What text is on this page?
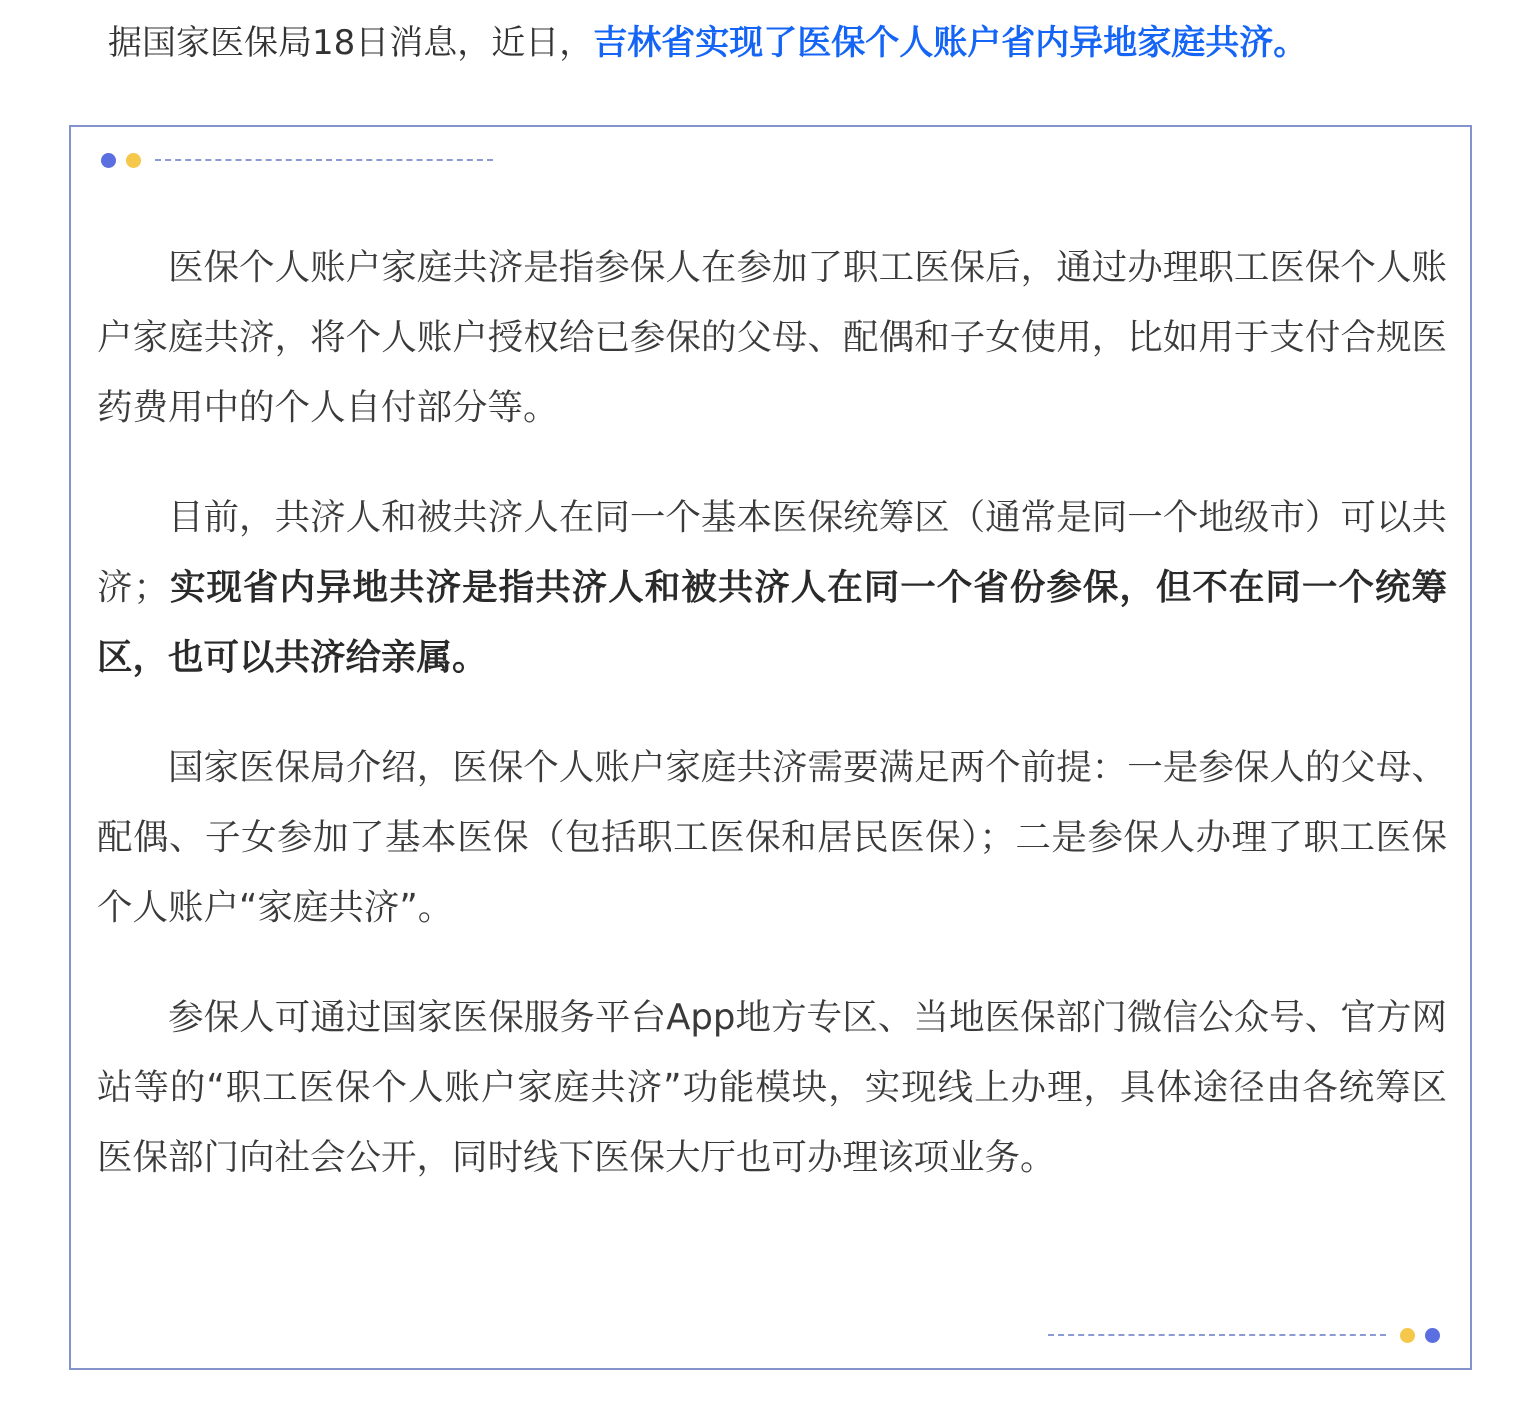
据国家医保局18日消息，近日，吉林省实现了医保个人账户省内异地家庭共济。

医保个人账户家庭共济是指参保人在参加了职工医保后，通过办理职工医保个人账户家庭共济，将个人账户授权给已参保的父母、配偶和子女使用，比如用于支付合规医药费用中的个人自付部分等。

目前，共济人和被共济人在同一个基本医保统筹区（通常是同一个地级市）可以共济；实现省内异地共济是指共济人和被共济人在同一个省份参保，但不在同一个统筹区，也可以共济给亲属。

国家医保局介绍，医保个人账户家庭共济需要满足两个前提：一是参保人的父母、配偶、子女参加了基本医保（包括职工医保和居民医保）；二是参保人办理了职工医保个人账户“家庭共济”。

参保人可通过国家医保服务平台App地方专区、当地医保部门微信公众号、官方网站等的“职工医保个人账户家庭共济”功能模块，实现线上办理，具体途径由各统筹区医保部门向社会公开，同时线下医保大厅也可办理该项业务。
